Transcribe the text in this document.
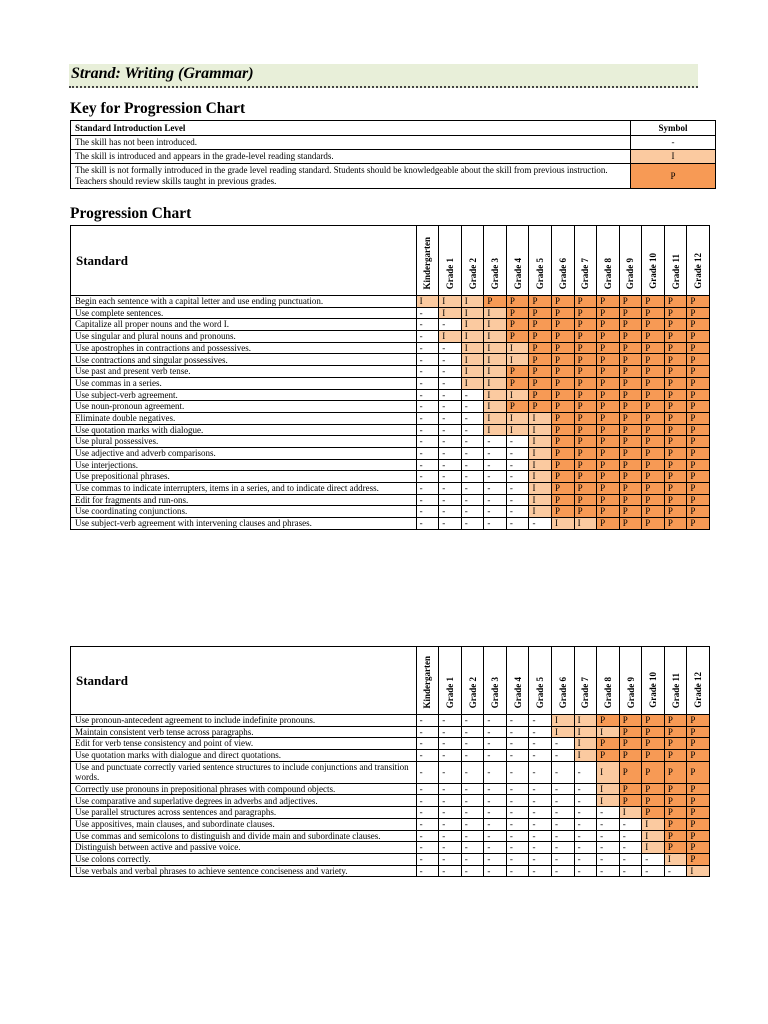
Strand: Writing (Grammar)
Key for Progression Chart
Standard Introduction Level	Symbol
The skill has not been introduced.	-
The skill is introduced and appears in the grade-level reading standards.	I
The skill is not formally introduced in the grade level reading standard. Students should be knowledgeable about the skill from previous instruction. Teachers should review skills taught in previous grades.	P
Progression Chart
Standard	Kindergarten	Grade 1	Grade 2	Grade 3	Grade 4	Grade 5	Grade 6	Grade 7	Grade 8	Grade 9	Grade 10	Grade 11	Grade 12
Begin each sentence with a capital letter and use ending punctuation.	I	I	I	P	P	P	P	P	P	P	P	P	P
Use complete sentences.	-	I	I	I	P	P	P	P	P	P	P	P	P
Capitalize all proper nouns and the word I.	-	-	I	I	P	P	P	P	P	P	P	P	P
Use singular and plural nouns and pronouns.	-	I	I	I	P	P	P	P	P	P	P	P	P
Use apostrophes in contractions and possessives.	-	-	I	I	I	P	P	P	P	P	P	P	P
Use contractions and singular possessives.	-	-	I	I	I	P	P	P	P	P	P	P	P
Use past and present verb tense.	-	-	I	I	P	P	P	P	P	P	P	P	P
Use commas in a series.	-	-	I	I	P	P	P	P	P	P	P	P	P
Use subject-verb agreement.	-	-	-	I	I	P	P	P	P	P	P	P	P
Use noun-pronoun agreement.	-	-	-	I	P	P	P	P	P	P	P	P	P
Eliminate double negatives.	-	-	-	I	I	I	P	P	P	P	P	P	P
Use quotation marks with dialogue.	-	-	-	I	I	I	P	P	P	P	P	P	P
Use plural possessives.	-	-	-	-	-	I	P	P	P	P	P	P	P
Use adjective and adverb comparisons.	-	-	-	-	-	I	P	P	P	P	P	P	P
Use interjections.	-	-	-	-	-	I	P	P	P	P	P	P	P
Use prepositional phrases.	-	-	-	-	-	I	P	P	P	P	P	P	P
Use commas to indicate interrupters, items in a series, and to indicate direct address.	-	-	-	-	-	I	P	P	P	P	P	P	P
Edit for fragments and run-ons.	-	-	-	-	-	I	P	P	P	P	P	P	P
Use coordinating conjunctions.	-	-	-	-	-	I	P	P	P	P	P	P	P
Use subject-verb agreement with intervening clauses and phrases.	-	-	-	-	-	-	I	I	P	P	P	P	P
Standard	Kindergarten	Grade 1	Grade 2	Grade 3	Grade 4	Grade 5	Grade 6	Grade 7	Grade 8	Grade 9	Grade 10	Grade 11	Grade 12
Use pronoun-antecedent agreement to include indefinite pronouns.	-	-	-	-	-	-	I	I	P	P	P	P	P
Maintain consistent verb tense across paragraphs.	-	-	-	-	-	-	I	I	I	P	P	P	P
Edit for verb tense consistency and point of view.	-	-	-	-	-	-	-	I	P	P	P	P	P
Use quotation marks with dialogue and direct quotations.	-	-	-	-	-	-	-	I	P	P	P	P	P
Use and punctuate correctly varied sentence structures to include conjunctions and transition words.	-	-	-	-	-	-	-	-	I	P	P	P	P
Correctly use pronouns in prepositional phrases with compound objects.	-	-	-	-	-	-	-	-	I	P	P	P	P
Use comparative and superlative degrees in adverbs and adjectives.	-	-	-	-	-	-	-	-	I	P	P	P	P
Use parallel structures across sentences and paragraphs.	-	-	-	-	-	-	-	-	-	I	P	P	P
Use appositives, main clauses, and subordinate clauses.	-	-	-	-	-	-	-	-	-	-	I	P	P
Use commas and semicolons to distinguish and divide main and subordinate clauses.	-	-	-	-	-	-	-	-	-	-	I	P	P
Distinguish between active and passive voice.	-	-	-	-	-	-	-	-	-	-	I	P	P
Use colons correctly.	-	-	-	-	-	-	-	-	-	-	-	I	P
Use verbals and verbal phrases to achieve sentence conciseness and variety.	-	-	-	-	-	-	-	-	-	-	-	-	I
